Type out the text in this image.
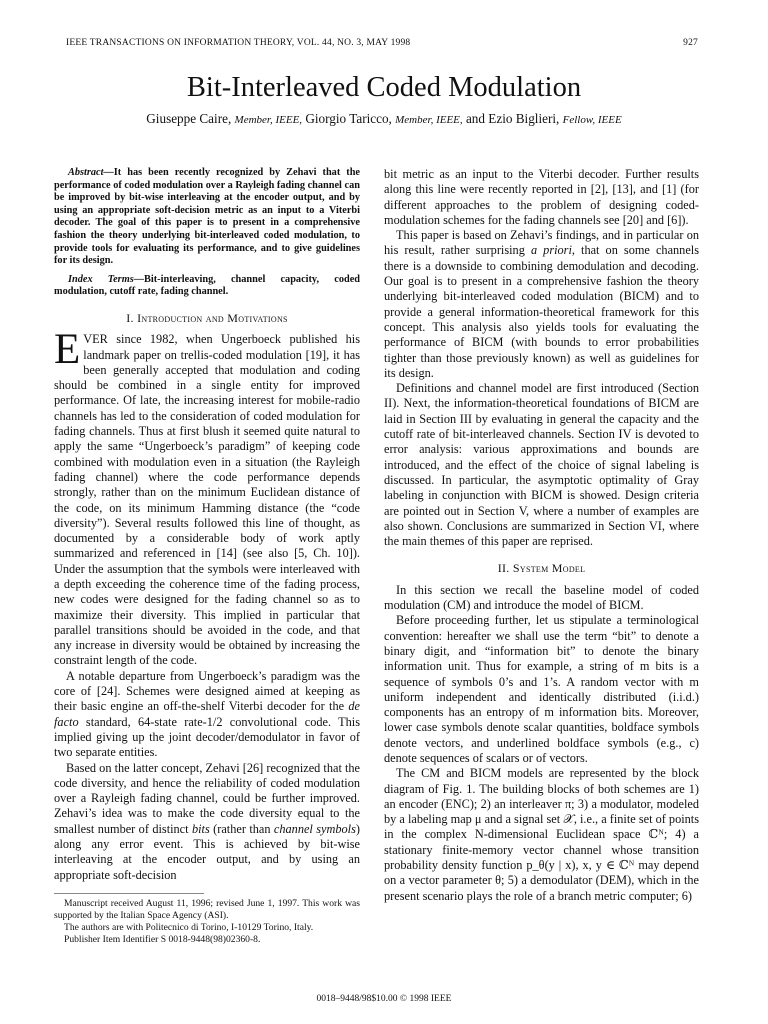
IEEE TRANSACTIONS ON INFORMATION THEORY, VOL. 44, NO. 3, MAY 1998	927
Bit-Interleaved Coded Modulation
Giuseppe Caire, Member, IEEE, Giorgio Taricco, Member, IEEE, and Ezio Biglieri, Fellow, IEEE
Abstract—It has been recently recognized by Zehavi that the performance of coded modulation over a Rayleigh fading channel can be improved by bit-wise interleaving at the encoder output, and by using an appropriate soft-decision metric as an input to a Viterbi decoder. The goal of this paper is to present in a comprehensive fashion the theory underlying bit-interleaved coded modulation, to provide tools for evaluating its performance, and to give guidelines for its design.
Index Terms—Bit-interleaving, channel capacity, coded modulation, cutoff rate, fading channel.
I. Introduction and Motivations

EVER since 1982, when Ungerboeck published his landmark paper on trellis-coded modulation [19], it has been generally accepted that modulation and coding should be combined in a single entity for improved performance. Of late, the increasing interest for mobile-radio channels has led to the consideration of coded modulation for fading channels. Thus at first blush it seemed quite natural to apply the same “Ungerboeck’s paradigm” of keeping code combined with modulation even in a situation (the Rayleigh fading channel) where the code performance depends strongly, rather than on the minimum Euclidean distance of the code, on its minimum Hamming distance (the “code diversity”). Several results followed this line of thought, as documented by a considerable body of work aptly summarized and referenced in [14] (see also [5, Ch. 10]). Under the assumption that the symbols were interleaved with a depth exceeding the coherence time of the fading process, new codes were designed for the fading channel so as to maximize their diversity. This implied in particular that parallel transitions should be avoided in the code, and that any increase in diversity would be obtained by increasing the constraint length of the code.

A notable departure from Ungerboeck’s paradigm was the core of [24]. Schemes were designed aimed at keeping as their basic engine an off-the-shelf Viterbi decoder for the de facto standard, 64-state rate-1/2 convolutional code. This implied giving up the joint decoder/demodulator in favor of two separate entities.

Based on the latter concept, Zehavi [26] recognized that the code diversity, and hence the reliability of coded modulation over a Rayleigh fading channel, could be further improved. Zehavi’s idea was to make the code diversity equal to the smallest number of distinct bits (rather than channel symbols) along any error event. This is achieved by bit-wise interleaving at the encoder output, and by using an appropriate soft-decision

Manuscript received August 11, 1996; revised June 1, 1997. This work was supported by the Italian Space Agency (ASI).
The authors are with Politecnico di Torino, I-10129 Torino, Italy.
Publisher Item Identifier S 0018-9448(98)02360-8.

bit metric as an input to the Viterbi decoder. Further results along this line were recently reported in [2], [13], and [1] (for different approaches to the problem of designing coded-modulation schemes for the fading channels see [20] and [6]).

This paper is based on Zehavi’s findings, and in particular on his result, rather surprising a priori, that on some channels there is a downside to combining demodulation and decoding. Our goal is to present in a comprehensive fashion the theory underlying bit-interleaved coded modulation (BICM) and to provide a general information-theoretical framework for this concept. This analysis also yields tools for evaluating the performance of BICM (with bounds to error probabilities tighter than those previously known) as well as guidelines for its design.

Definitions and channel model are first introduced (Section II). Next, the information-theoretical foundations of BICM are laid in Section III by evaluating in general the capacity and the cutoff rate of bit-interleaved channels. Section IV is devoted to error analysis: various approximations and bounds are introduced, and the effect of the choice of signal labeling is discussed. In particular, the asymptotic optimality of Gray labeling in conjunction with BICM is showed. Design criteria are pointed out in Section V, where a number of examples are also shown. Conclusions are summarized in Section VI, where the main themes of this paper are reprised.

II. System Model

In this section we recall the baseline model of coded modulation (CM) and introduce the model of BICM.

Before proceeding further, let us stipulate a terminological convention: hereafter we shall use the term “bit” to denote a binary digit, and “information bit” to denote the binary information unit. Thus for example, a string of m bits is a sequence of symbols 0’s and 1’s. A random vector with m uniform independent and identically distributed (i.i.d.) components has an entropy of m information bits. Moreover, lower case symbols denote scalar quantities, boldface symbols denote vectors, and underlined boldface symbols (e.g., c) denote sequences of scalars or of vectors.

The CM and BICM models are represented by the block diagram of Fig. 1. The building blocks of both schemes are 1) an encoder (ENC); 2) an interleaver π; 3) a modulator, modeled by a labeling map μ and a signal set 𝒳, i.e., a finite set of points in the complex N-dimensional Euclidean space ℂᴺ; 4) a stationary finite-memory vector channel whose transition probability density function p_θ(y | x), x, y ∈ ℂᴺ may depend on a vector parameter θ; 5) a demodulator (DEM), which in the present scenario plays the role of a branch metric computer; 6)

0018–9448/98$10.00 © 1998 IEEE
